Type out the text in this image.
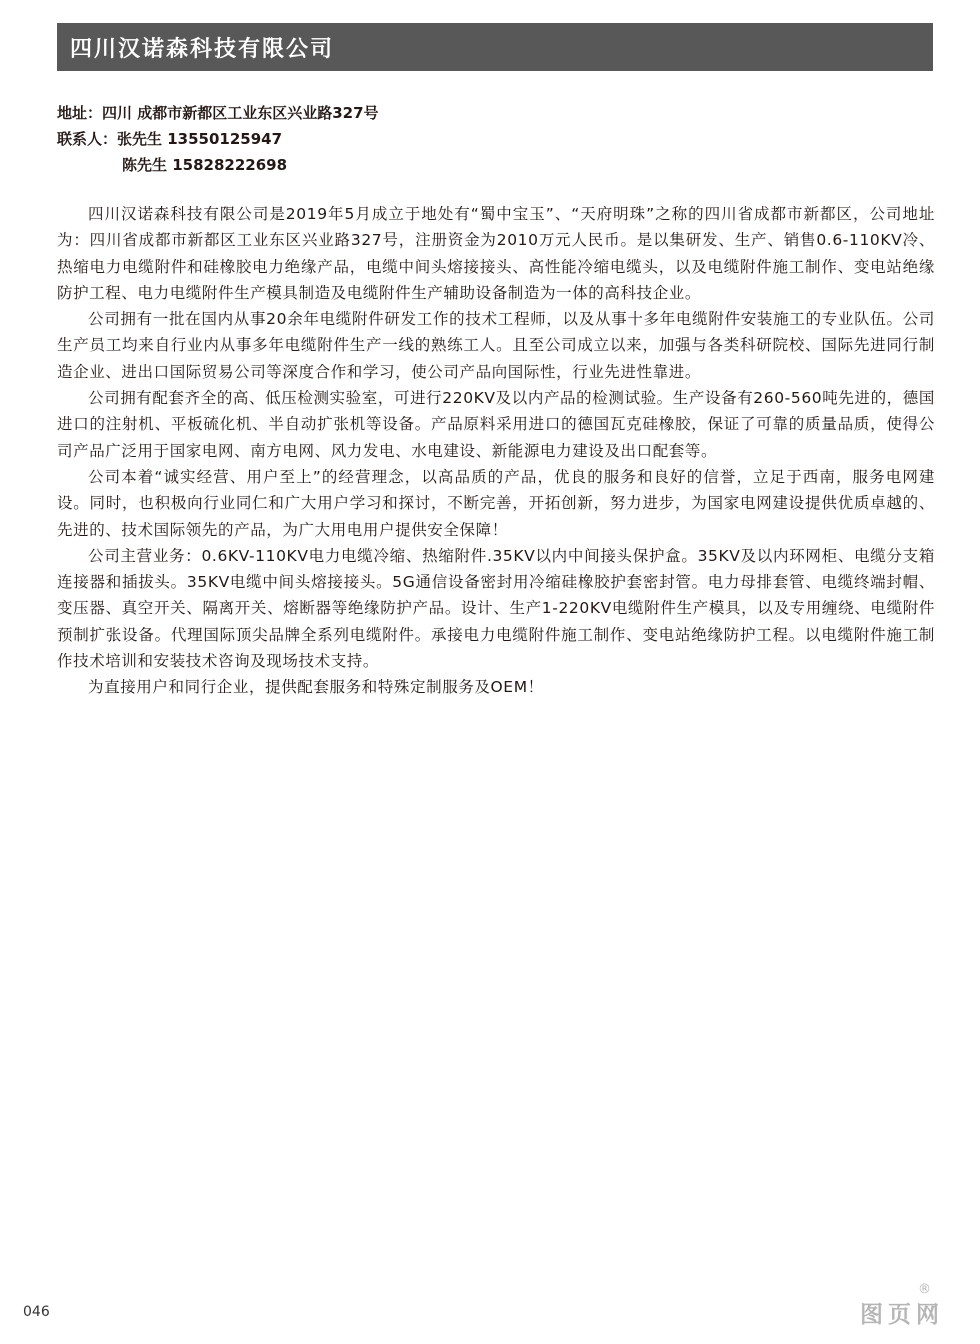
四川汉诺森科技有限公司
地址：四川 成都市新都区工业东区兴业路327号
联系人：张先生 13550125947
陈先生 15828222698

四川汉诺森科技有限公司是2019年5月成立于地处有“蜀中宝玉”、“天府明珠”之称的四川省成都市新都区，公司地址为：四川省成都市新都区工业东区兴业路327号，注册资金为2010万元人民币。是以集研发、生产、销售0.6-110KV冷、热缩电力电缆附件和硅橡胶电力绝缘产品，电缆中间头熔接接头、高性能冷缩电缆头，以及电缆附件施工制作、变电站绝缘防护工程、电力电缆附件生产模具制造及电缆附件生产辅助设备制造为一体的高科技企业。

公司拥有一批在国内从事20余年电缆附件研发工作的技术工程师，以及从事十多年电缆附件安装施工的专业队伍。公司生产员工均来自行业内从事多年电缆附件生产一线的熟练工人。且至公司成立以来，加强与各类科研院校、国际先进同行制造企业、进出口国际贸易公司等深度合作和学习，使公司产品向国际性，行业先进性靠进。

公司拥有配套齐全的高、低压检测实验室，可进行220KV及以内产品的检测试验。生产设备有260-560吨先进的，德国进口的注射机、平板硫化机、半自动扩张机等设备。产品原料采用进口的德国瓦克硅橡胶，保证了可靠的质量品质，使得公司产品广泛用于国家电网、南方电网、风力发电、水电建设、新能源电力建设及出口配套等。

公司本着“诚实经营、用户至上”的经营理念，以高品质的产品，优良的服务和良好的信誉，立足于西南，服务电网建设。同时，也积极向行业同仁和广大用户学习和探讨，不断完善，开拓创新，努力进步，为国家电网建设提供优质卓越的、先进的、技术国际领先的产品，为广大用电用户提供安全保障！

公司主营业务：0.6KV-110KV电力电缆冷缩、热缩附件.35KV以内中间接头保护盒。35KV及以内环网柜、电缆分支箱连接器和插拔头。35KV电缆中间头熔接接头。5G通信设备密封用冷缩硅橡胶护套密封管。电力母排套管、电缆终端封帽、变压器、真空开关、隔离开关、熔断器等绝缘防护产品。设计、生产1-220KV电缆附件生产模具，以及专用缠绕、电缆附件预制扩张设备。代理国际顶尖品牌全系列电缆附件。承接电力电缆附件施工制作、变电站绝缘防护工程。以电缆附件施工制作技术培训和安装技术咨询及现场技术支持。

为直接用户和同行企业，提供配套服务和特殊定制服务及OEM！

046	图页网
®
